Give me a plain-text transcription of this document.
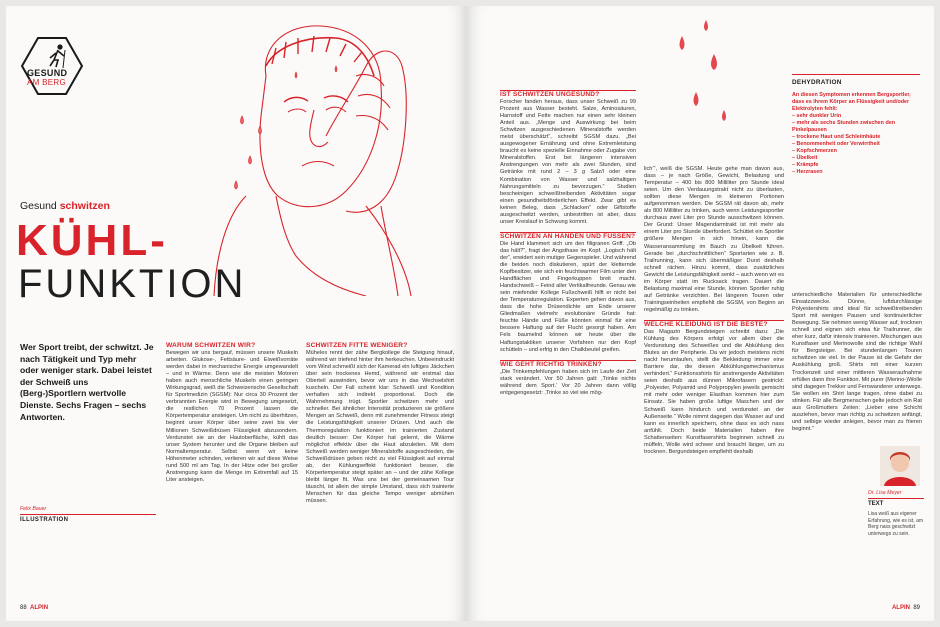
GESUND
AM BERG
Gesund schwitzen
KÜHL-
FUNKTION
Wer Sport treibt, der schwitzt. Je nach Tätigkeit und Typ mehr oder weniger stark. Dabei leistet der Schweiß uns (Berg-)Sportlern wertvolle Dienste. Sechs Fragen – sechs Antworten.
Felix Bauer
ILLUSTRATION
WARUM SCHWITZEN WIR?

Bewegen wir uns bergauf, müssen unsere Muskeln arbeiten. Glukose-, Fettsäure- und Eiweißvorräte werden dabei in mechanische Energie umgewandelt – und in Wärme. Denn wie die meisten Motoren haben auch menschliche Muskeln einen geringen Wirkungsgrad, weiß die Schweizerische Gesellschaft für Sportmedizin (SGSM): Nur circa 30 Prozent der verbrannten Energie wird in Bewegung umgesetzt, die restlichen 70 Prozent lassen die Körpertemperatur ansteigen. Um nicht zu überhitzen, beginnt unser Körper über seine zwei bis vier Millionen Schweißdrüsen Flüssigkeit abzusondern. Verdunstet sie an der Hautoberfläche, kühlt das unser System herunter und die Organe bleiben auf Normaltemperatur. Selbst wenn wir keine Höhenmeter schinden, verlieren wir auf diese Weise rund 500 ml am Tag. In der Hitze oder bei großer Anstrengung kann die Menge im Extremfall auf 15 Liter ansteigen.

SCHWITZEN FITTE WENIGER?

Müheles rennt der zähe Bergkollege die Steigung hinauf, während wir triefend hinter ihm herkeuchen. Unbeeindruckt vom Wind schmeißt sich der Kamerad ein luftiges Jäckchen über sein trockenes Hemd, während wir erstmal das Oberteil auswinden, bevor wir uns in das Wechselshirt kuscheln. Der Fall scheint klar: Schweiß und Kondition verhalten sich indirekt proportional. Doch die Wahrnehmung trügt. Sportler schwitzen mehr und schneller. Bei ähnlicher Intensität produzieren sie größere Mengen an Schweiß, denn mit zunehmender Fitness steigt die Leistungsfähigkeit unserer Drüsen. Und auch die Thermoregulation funktioniert im trainierten Zustand deutlich besser: Der Körper hat gelernt, die Wärme möglichst effektiv über die Haut abzuleiten. Mit dem Schweiß werden weniger Mineralstoffe ausgeschieden, die Schweißdrüsen geben nicht zu viel Flüssigkeit auf einmal ab, der Kühlungseffekt funktioniert besser, die Körpertemperatur steigt später an – und der zähe Kollege bleibt länger fit. Was uns bei der gemeinsamen Tour täuscht, ist allein der simple Umstand, dass sich trainierte Menschen für das gleiche Tempo weniger abmühen müssen.

88 ALPIN
IST SCHWITZEN UNGESUND?

Forscher fanden heraus, dass unser Schweiß zu 99 Prozent aus Wasser besteht. Salze, Aminosäuren, Harnstoff und Fette machen nur einen sehr kleinen Anteil aus. „Menge und Auswirkung bei beim Schwitzen ausgeschiedenen Mineralstoffe werden meist überschätzt“, schreibt SGSM dazu. „Bei ausgewogener Ernährung und ohne Extremleistung braucht es keine spezielle Einnahme oder Zugabe von Mineralstoffen. Erst bei längeren intensiven Anstrengungen von mehr als zwei Stunden, sind Getränke mit rund 2 – 3 g Salz/l oder eine Kombination von Wasser und salzhaltigen Nahrungsmitteln zu bevorzugen.“ Studien bescheinigen schweißtreibenden Aktivitäten sogar einen gesundheitsförderlichen Effekt. Zwar gibt es keinen Beleg, dass „Schlacken“ oder Giftstoffe ausgeschwitzt werden, unbestritten ist aber, dass unser Kreislauf in Schwung kommt.

SCHWITZEN AN HÄNDEN UND FÜSSEN?

Die Hand klammert sich um den filigranen Griff. „Ob das hält?“, fragt der Angsthase im Kopf. „Logisch hält der“, erwidert sein mutiger Gegenspieler. Und während die beiden noch diskutieren, spürt der kletternde Kopfbesitzer, wie sich ein feuchtwarmer Film unter den Handflächen und Fingerkuppen breit macht. Handschweiß – Feind aller Vertikalfreunde. Genau wie sein miefender Kollege Fußschweiß hilft er nicht bei der Temperaturregulation. Experten gehen davon aus, dass die hohe Drüsendichte am Ende unserer Gliedmaßen vielmehr evolutionäre Gründe hat: feuchte Hände und Füße könnten einmal für eine bessere Haftung auf der Flucht gesorgt haben. Am Fels baumelnd können wir heute über die Haftungstaktiken unserer Vorfahren nur den Kopf schütteln – und erfrig in den Chalkbeutel greifen.

WIE GEHT RICHTIG TRINKEN?

„Die Trinkempfehlungen haben sich im Laufe der Zeit stark verändert. Vor 50 Jahren galt: ‚Trinke nichts während dem Sport.‘ Vor 20 Jahren dann völlig entgegengesetzt: ‚Trinke so viel wie mög-

lich‘“, weiß die SGSM. Heute gehe man davon aus, dass – je nach Größe, Gewicht, Belastung und Temperatur – 400 bis 800 Milliliter pro Stunde ideal seien. Um den Verdauungstrakt nicht zu überlasten, sollten diese Mengen in kleineren Portionen aufgenommen werden. Die SGSM rät davon ab, mehr als 800 Milliliter zu trinken, auch wenn Leistungssportler durchaus zwei Liter pro Stunde ausschwitzen können. Der Grund: Unser Magendarmtrakt ist mit mehr als einem Liter pro Stunde überfordert. Schüttet ein Sportler größere Mengen in sich hinein, kann die Wasseransammlung im Bauch zu Übelkeit führen. Gerade bei „durchschnittlichen“ Sportarten wie z. B. Trailrunning, kann sich übermäßiger Durst deshalb schnell rächen. Hinzu kommt, dass zusätzliches Gewicht die Leistungsfähigkeit senkt – auch wenn wir es im Körper statt im Rucksack tragen. Dauert die Belastung maximal eine Stunde, können Sportler ruhig auf Getränke verzichten. Bei längeren Touren oder Trainingseinheiten empfiehlt die SGSM, von Beginn an regelmäßig zu trinken.

WELCHE KLEIDUNG IST DIE BESTE?

Das Magazin Bergundsteigen schreibt dazu: „Die Kühlung des Körpers erfolgt vor allem über die Verdunstung des Schweißes und die Abkühlung des Blutes an der Peripherie. Da wir jedoch meistens nicht nackt herumlaufen, stellt die Bekleidung immer eine Barriere dar, die diesen Abkühlungsmechanismus verhindert.“ Funktionsshirts für anstrengende Aktivitäten seien deshalb aus dünnen Mikrofasern gestrickt: „Polyester, Polyamid und Polypropylen jeweils gemischt mit mehr oder weniger Elasthan kommen hier zum Einsatz. Sie haben große luftige Maschen und der Schweiß kann hindurch und verdunstet an der Außenseite.“ Wolle nimmt dagegen das Wasser auf und kann es innerlich speichern, ohne dass es sich nass anfühlt. Doch beide Materialien haben ihre Schattenseiten: Kunstfasershirts beginnen schnell zu müffeln, Wolle wird schwer und braucht länger, um zu trocknen. Bergundsteigen empfiehlt deshalb

DEHYDRATION
An diesen Symptomen erkennen Bergsportler, dass es ihrem Körper an Flüssigkeit und/oder Elektrolyten fehlt:
– sehr dunkler Urin
– mehr als sechs Stunden zwischen den Pinkelpausen
– trockene Haut und Schleimhäute
– Benommenheit oder Verwirrtheit
– Kopfschmerzen
– Übelkeit
– Krämpfe
– Herzrasen

unterschiedliche Materialien für unterschiedliche Einsatzzwecke. Dünne, luftdurchlässige Polyestershirts sind ideal für schweißtreibenden Sport mit wenigen Pausen und kontinuierlicher Bewegung. Sie nehmen wenig Wasser auf, trocknen schnell und eignen sich etwa für Trailrunner, die eher kurz, dafür intensiv trainieren. Mischungen aus Kunstfaser und Merinowolle sind die richtige Wahl für Bergsteiger. Bei stundenlangen Touren schwitzen sie viel. In der Pause ist die Gefahr der Auskühlung groß. Shirts mit einer kurzen Trockenzeit und einer mittleren Wasseraufnahme erfüllen dann ihre Funktion. Mit purer (Merino-)Wolle sind dagegen Trekker und Fernwanderer unterwegs. Sie wollen ein Shirt lange tragen, ohne dabei zu stinken. Für alle Bergmenschen gelte jedoch ein Rat aus Großmutters Zeiten: „Lieber eine Schicht ausziehen, bevor man richtig zu schwitzen anfängt, und selbige wieder anlegen, bevor man zu frieren beginnt.“

Dr. Lisa Meyer
TEXT
Lisa weiß aus eigener Erfahrung, wie es ist, am Berg nass geschwitzt unterwegs zu sein.
ALPIN 89
